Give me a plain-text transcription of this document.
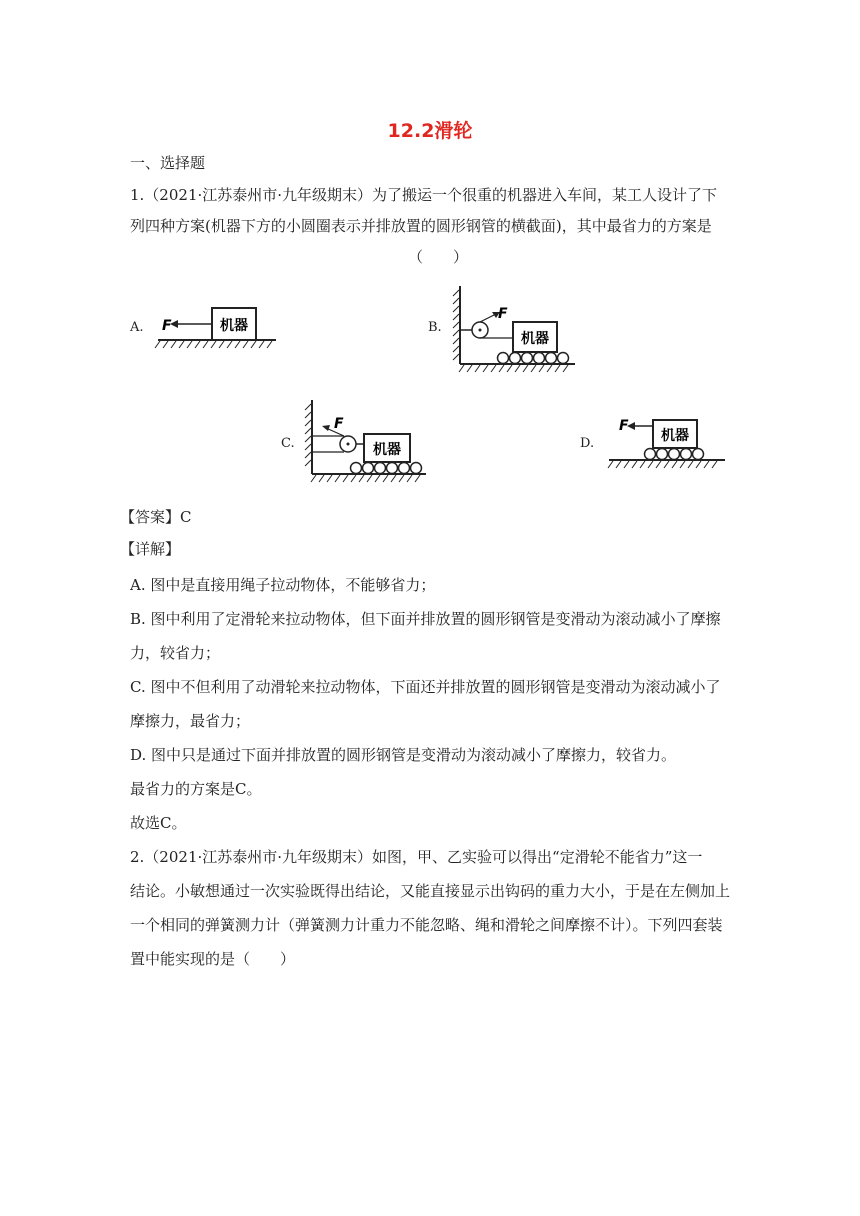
12.2滑轮
一、选择题
1.（2021·江苏泰州市·九年级期末）为了搬运一个很重的机器进入车间，某工人设计了下
列四种方案(机器下方的小圆圈表示并排放置的圆形钢管的横截面)，其中最省力的方案是
（　　）
A.	机器
F	B.
机器
F
C.	机器
F
D.	机器
F
【答案】C
【详解】
A. 图中是直接用绳子拉动物体，不能够省力；
B. 图中利用了定滑轮来拉动物体，但下面并排放置的圆形钢管是变滑动为滚动减小了摩擦
力，较省力；
C. 图中不但利用了动滑轮来拉动物体，下面还并排放置的圆形钢管是变滑动为滚动减小了
摩擦力，最省力；
D. 图中只是通过下面并排放置的圆形钢管是变滑动为滚动减小了摩擦力，较省力。
最省力的方案是C。
故选C。
2.（2021·江苏泰州市·九年级期末）如图，甲、乙实验可以得出“定滑轮不能省力”这一
结论。小敏想通过一次实验既得出结论，又能直接显示出钩码的重力大小，于是在左侧加上
一个相同的弹簧测力计（弹簧测力计重力不能忽略、绳和滑轮之间摩擦不计）。下列四套装
置中能实现的是（　　）
